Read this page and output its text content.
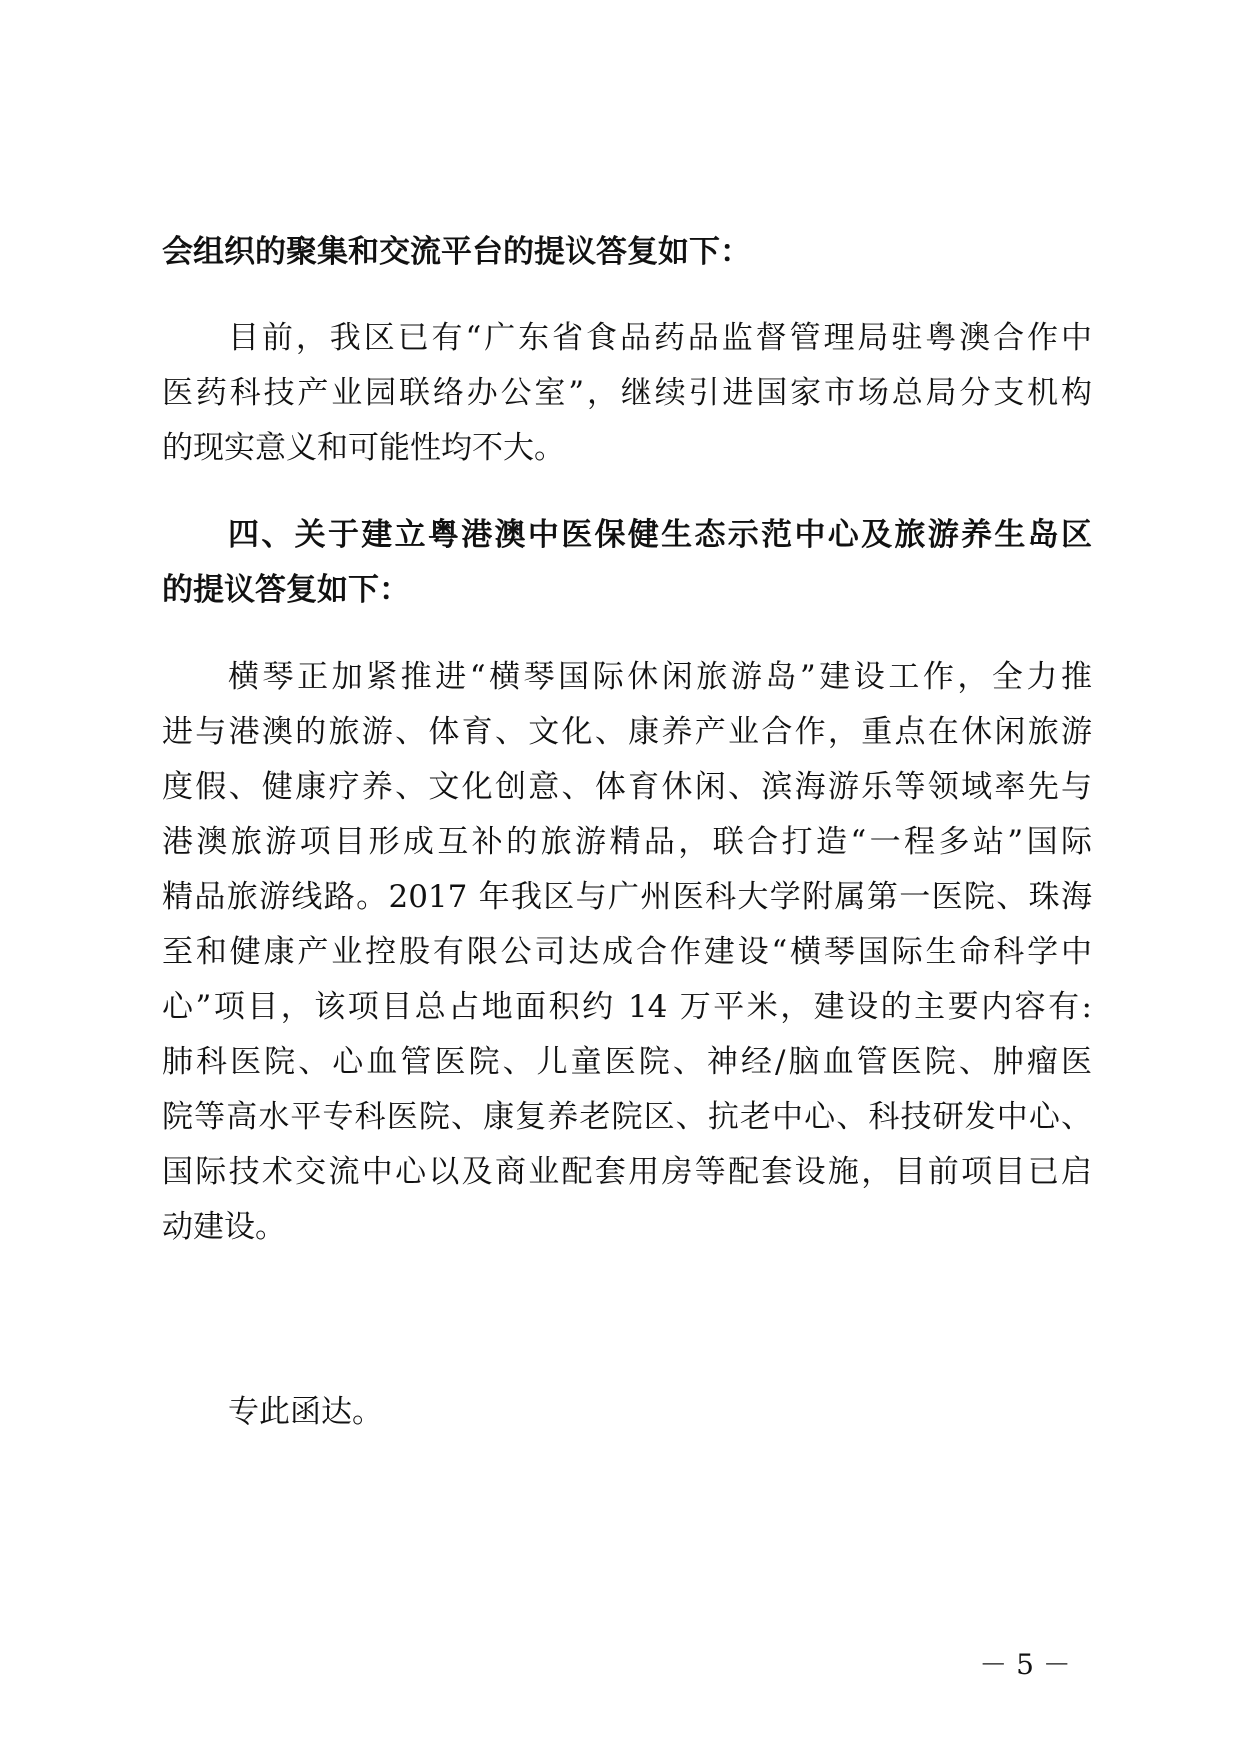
会组织的聚集和交流平台的提议答复如下：
目前，我区已有“广东省食品药品监督管理局驻粤澳合作中
医药科技产业园联络办公室”，继续引进国家市场总局分支机构
的现实意义和可能性均不大。
四、关于建立粤港澳中医保健生态示范中心及旅游养生岛区
的提议答复如下：
横琴正加紧推进“横琴国际休闲旅游岛”建设工作，全力推
进与港澳的旅游、体育、文化、康养产业合作，重点在休闲旅游
度假、健康疗养、文化创意、体育休闲、滨海游乐等领域率先与
港澳旅游项目形成互补的旅游精品，联合打造“一程多站”国际
精品旅游线路。2017 年我区与广州医科大学附属第一医院、珠海
至和健康产业控股有限公司达成合作建设“横琴国际生命科学中
心”项目，该项目总占地面积约 14 万平米，建设的主要内容有:
肺科医院、心血管医院、儿童医院、神经/脑血管医院、肿瘤医
院等高水平专科医院、康复养老院区、抗老中心、科技研发中心、
国际技术交流中心以及商业配套用房等配套设施，目前项目已启
动建设。
专此函达。
－ 5 －
